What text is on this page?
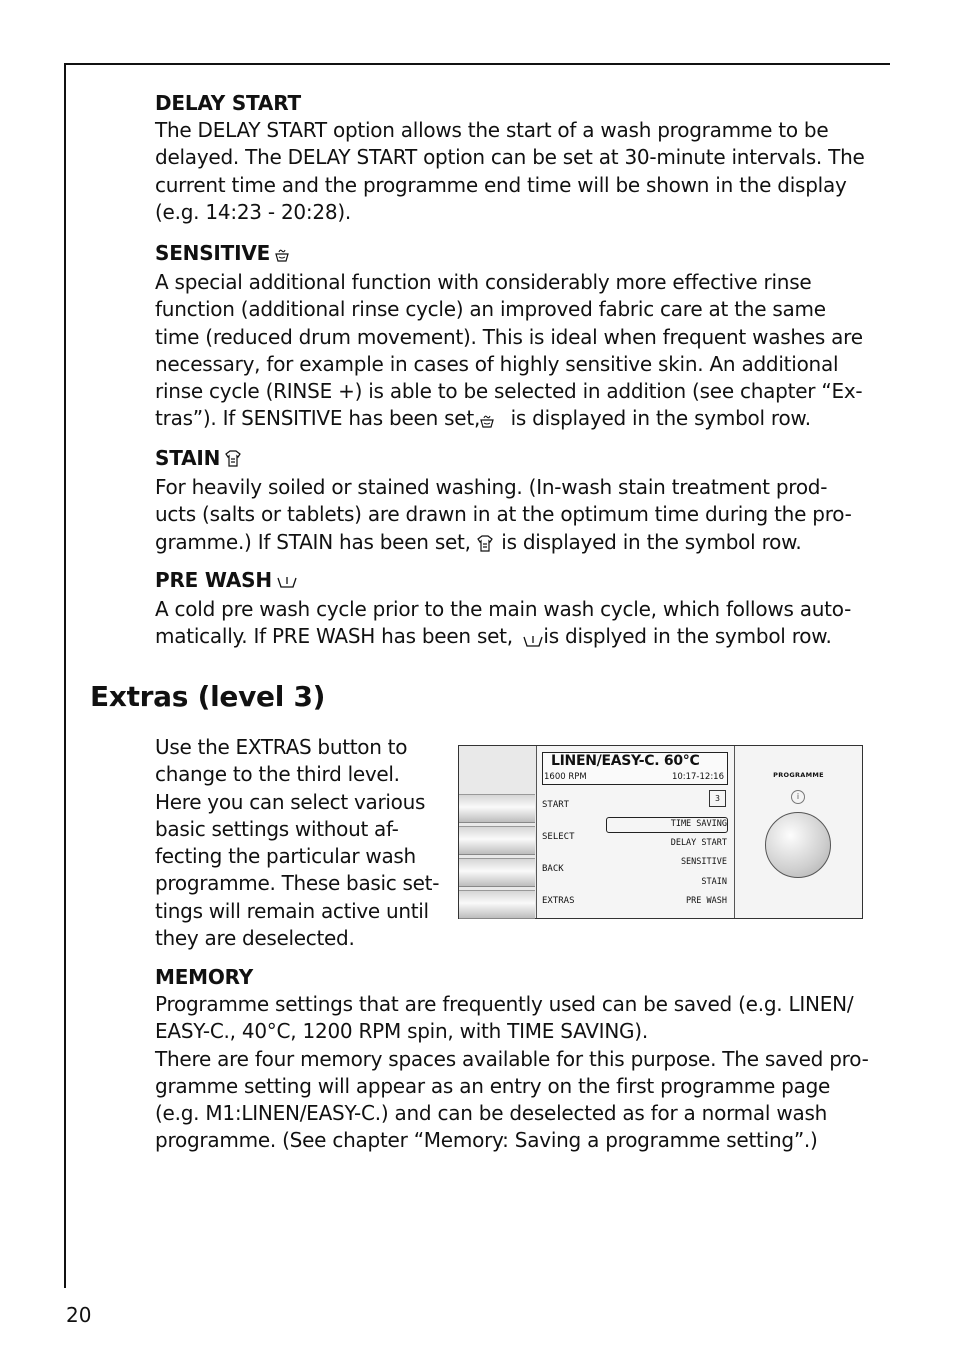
DELAY START
The DELAY START option allows the start of a wash programme to be
delayed. The DELAY START option can be set at 30-minute intervals. The
current time and the programme end time will be shown in the display
(e.g. 14:23 - 20:28).
SENSITIVE
A special additional function with considerably more effective rinse
function (additional rinse cycle) an improved fabric care at the same
time (reduced drum movement). This is ideal when frequent washes are
necessary, for example in cases of highly sensitive skin. An additional
rinse cycle (RINSE +) is able to be selected in addition (see chapter “Ex-
tras”). If SENSITIVE has been set,     is displayed in the symbol row.
STAIN
For heavily soiled or stained washing. (In-wash stain treatment prod-
ucts (salts or tablets) are drawn in at the optimum time during the pro-
gramme.) If STAIN has been set,     is displayed in the symbol row.
PRE WASH
A cold pre wash cycle prior to the main wash cycle, which follows auto-
matically. If PRE WASH has been set,     is displyed in the symbol row.
Extras (level 3)
Use the EXTRAS button to
change to the third level.
Here you can select various
basic settings without af-
fecting the particular wash
programme. These basic set-
tings will remain active until
they are deselected.
LINEN/EASY-C. 60°C
1600 RPM	10:17-12:16
3
START
SELECT
BACK
EXTRAS
TIME SAVING
DELAY START
SENSITIVE
STAIN
PRE WASH
PROGRAMME
i
MEMORY
Programme settings that are frequently used can be saved (e.g. LINEN/
EASY-C., 40°C, 1200 RPM spin, with TIME SAVING).
There are four memory spaces available for this purpose. The saved pro-
gramme setting will appear as an entry on the first programme page
(e.g. M1:LINEN/EASY-C.) and can be deselected as for a normal wash
programme. (See chapter “Memory: Saving a programme setting”.)
20
